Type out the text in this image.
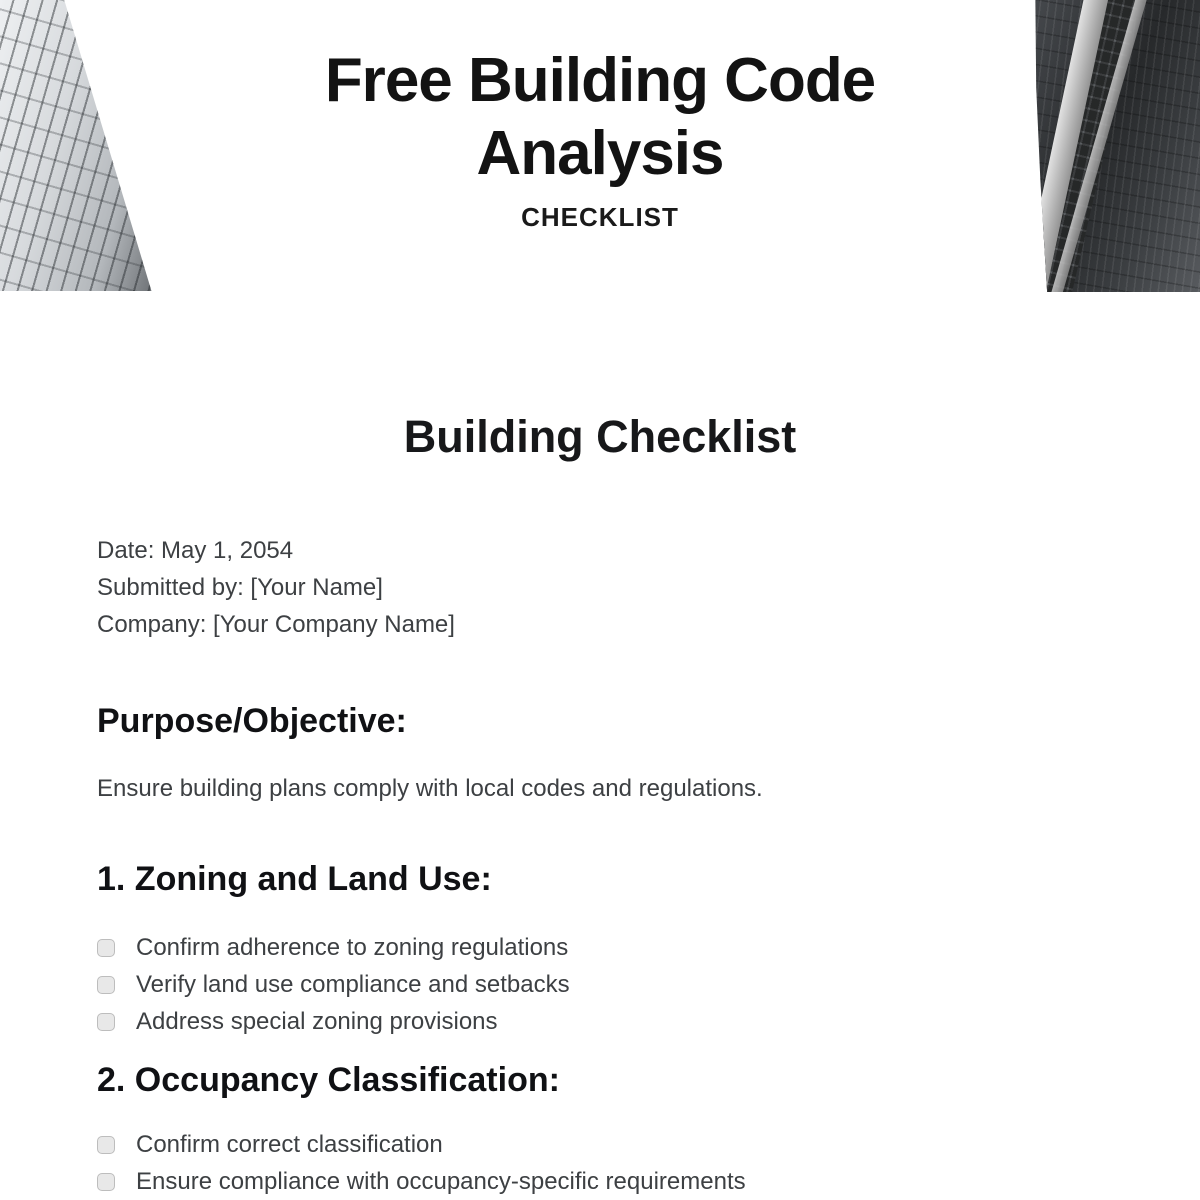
Free Building Code
Analysis
CHECKLIST
Building Checklist
Date: May 1, 2054
Submitted by: [Your Name]
Company: [Your Company Name]
Purpose/Objective:

Ensure building plans comply with local codes and regulations.

1. Zoning and Land Use:
Confirm adherence to zoning regulations
Verify land use compliance and setbacks
Address special zoning provisions
2. Occupancy Classification:
Confirm correct classification
Ensure compliance with occupancy-specific requirements
